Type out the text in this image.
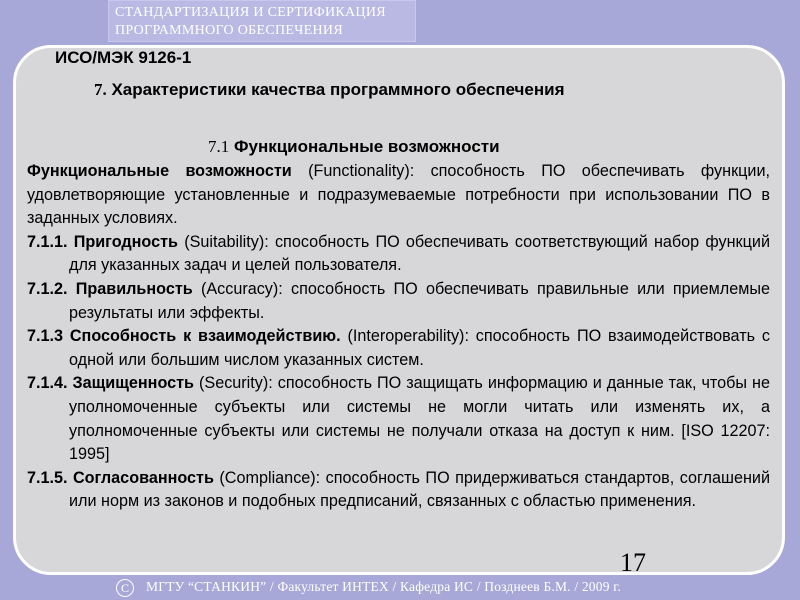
СТАНДАРТИЗАЦИЯ И СЕРТИФИКАЦИЯ
ПРОГРАММНОГО ОБЕСПЕЧЕНИЯ
ИСО/МЭК 9126-1
7. Характеристики качества программного обеспечения
7.1 Функциональные возможности

Функциональные возможности (Functionality): способность ПО обеспечивать функции, удовлетворяющие установленные и подразумеваемые потребности при использовании ПО в заданных условиях.

7.1.1. Пригодность (Suitability): способность ПО обеспечивать соответствующий набор функций для указанных задач и целей пользователя.

7.1.2. Правильность (Accuracy): способность ПО обеспечивать правильные или приемлемые результаты или эффекты.

7.1.3 Способность к взаимодействию. (Interoperability): способность ПО взаимодействовать с одной или большим числом указанных систем.

7.1.4. Защищенность (Security): способность ПО защищать информацию и данные так, чтобы не уполномоченные субъекты или системы не могли читать или изменять их, а уполномоченные субъекты или системы не получали отказа на доступ к ним. [ISO 12207: 1995]

7.1.5. Согласованность (Compliance): способность ПО придерживаться стандартов, соглашений или норм из законов и подобных предписаний, связанных с областью применения.

17
C	МГТУ “СТАНКИН” / Факультет ИНТЕХ / Кафедра ИС / Позднеев Б.М. / 2009 г.
